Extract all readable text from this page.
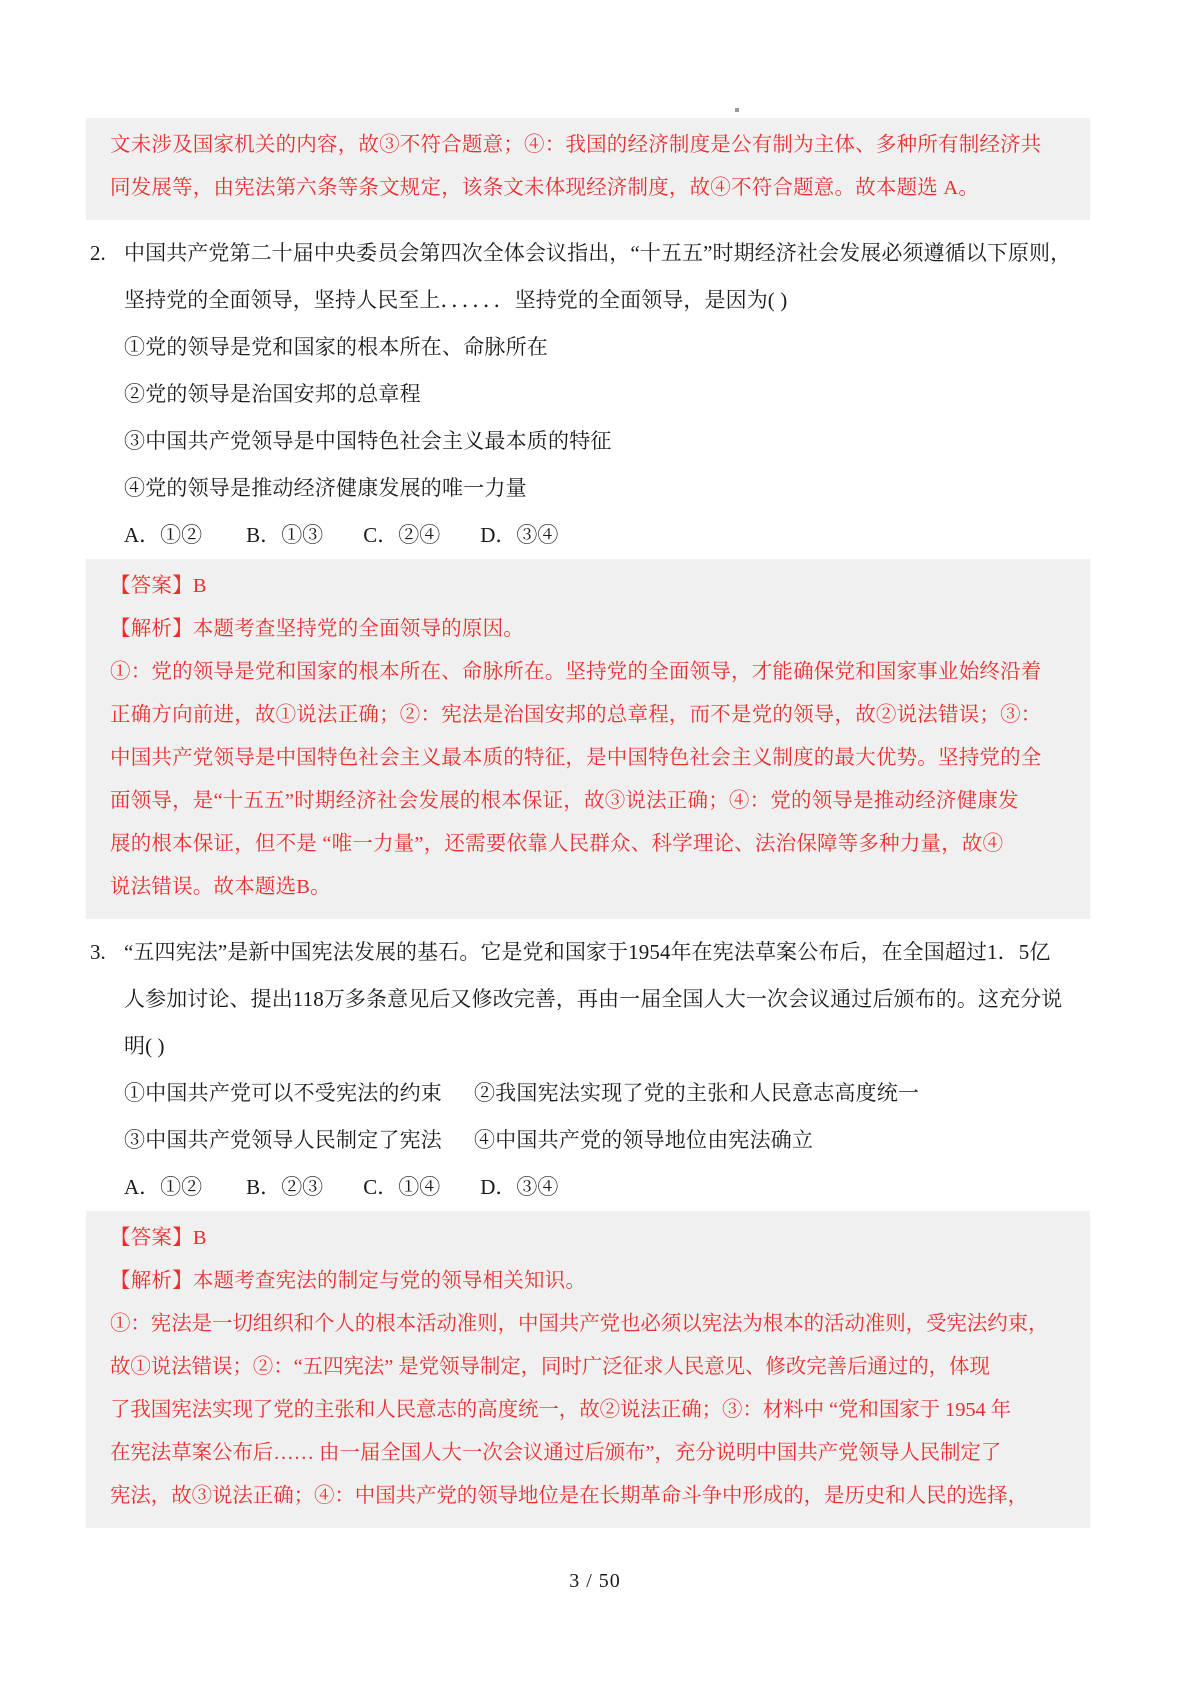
文未涉及国家机关的内容，故③不符合题意；④：我国的经济制度是公有制为主体、多种所有制经济共
同发展等，由宪法第六条等条文规定，该条文未体现经济制度，故④不符合题意。故本题选 A。
2. 中国共产党第二十届中央委员会第四次全体会议指出，“十五五”时期经济社会发展必须遵循以下原则，
坚持党的全面领导，坚持人民至上．．．．．．坚持党的全面领导，是因为( )
①党的领导是党和国家的根本所在、命脉所在
②党的领导是治国安邦的总章程
③中国共产党领导是中国特色社会主义最本质的特征
④党的领导是推动经济健康发展的唯一力量
A．①② B．①③ C．②④ D．③④
【答案】B
【解析】本题考查坚持党的全面领导的原因。
①：党的领导是党和国家的根本所在、命脉所在。坚持党的全面领导，才能确保党和国家事业始终沿着
正确方向前进，故①说法正确；②：宪法是治国安邦的总章程，而不是党的领导，故②说法错误；③：
中国共产党领导是中国特色社会主义最本质的特征，是中国特色社会主义制度的最大优势。坚持党的全
面领导，是“十五五”时期经济社会发展的根本保证，故③说法正确；④：党的领导是推动经济健康发
展的根本保证，但不是 “唯一力量”，还需要依靠人民群众、科学理论、法治保障等多种力量，故④
说法错误。故本题选B。
3. “五四宪法”是新中国宪法发展的基石。它是党和国家于1954年在宪法草案公布后，在全国超过1．5亿
人参加讨论、提出118万多条意见后又修改完善，再由一届全国人大一次会议通过后颁布的。这充分说
明( )
①中国共产党可以不受宪法的约束 ②我国宪法实现了党的主张和人民意志高度统一
③中国共产党领导人民制定了宪法 ④中国共产党的领导地位由宪法确立
A．①② B．②③ C．①④ D．③④
【答案】B
【解析】本题考查宪法的制定与党的领导相关知识。
①：宪法是一切组织和个人的根本活动准则，中国共产党也必须以宪法为根本的活动准则，受宪法约束，
故①说法错误；②：“五四宪法” 是党领导制定，同时广泛征求人民意见、修改完善后通过的，体现
了我国宪法实现了党的主张和人民意志的高度统一，故②说法正确；③：材料中 “党和国家于 1954 年
在宪法草案公布后…… 由一届全国人大一次会议通过后颁布”，充分说明中国共产党领导人民制定了
宪法，故③说法正确；④：中国共产党的领导地位是在长期革命斗争中形成的，是历史和人民的选择，
3 / 50
